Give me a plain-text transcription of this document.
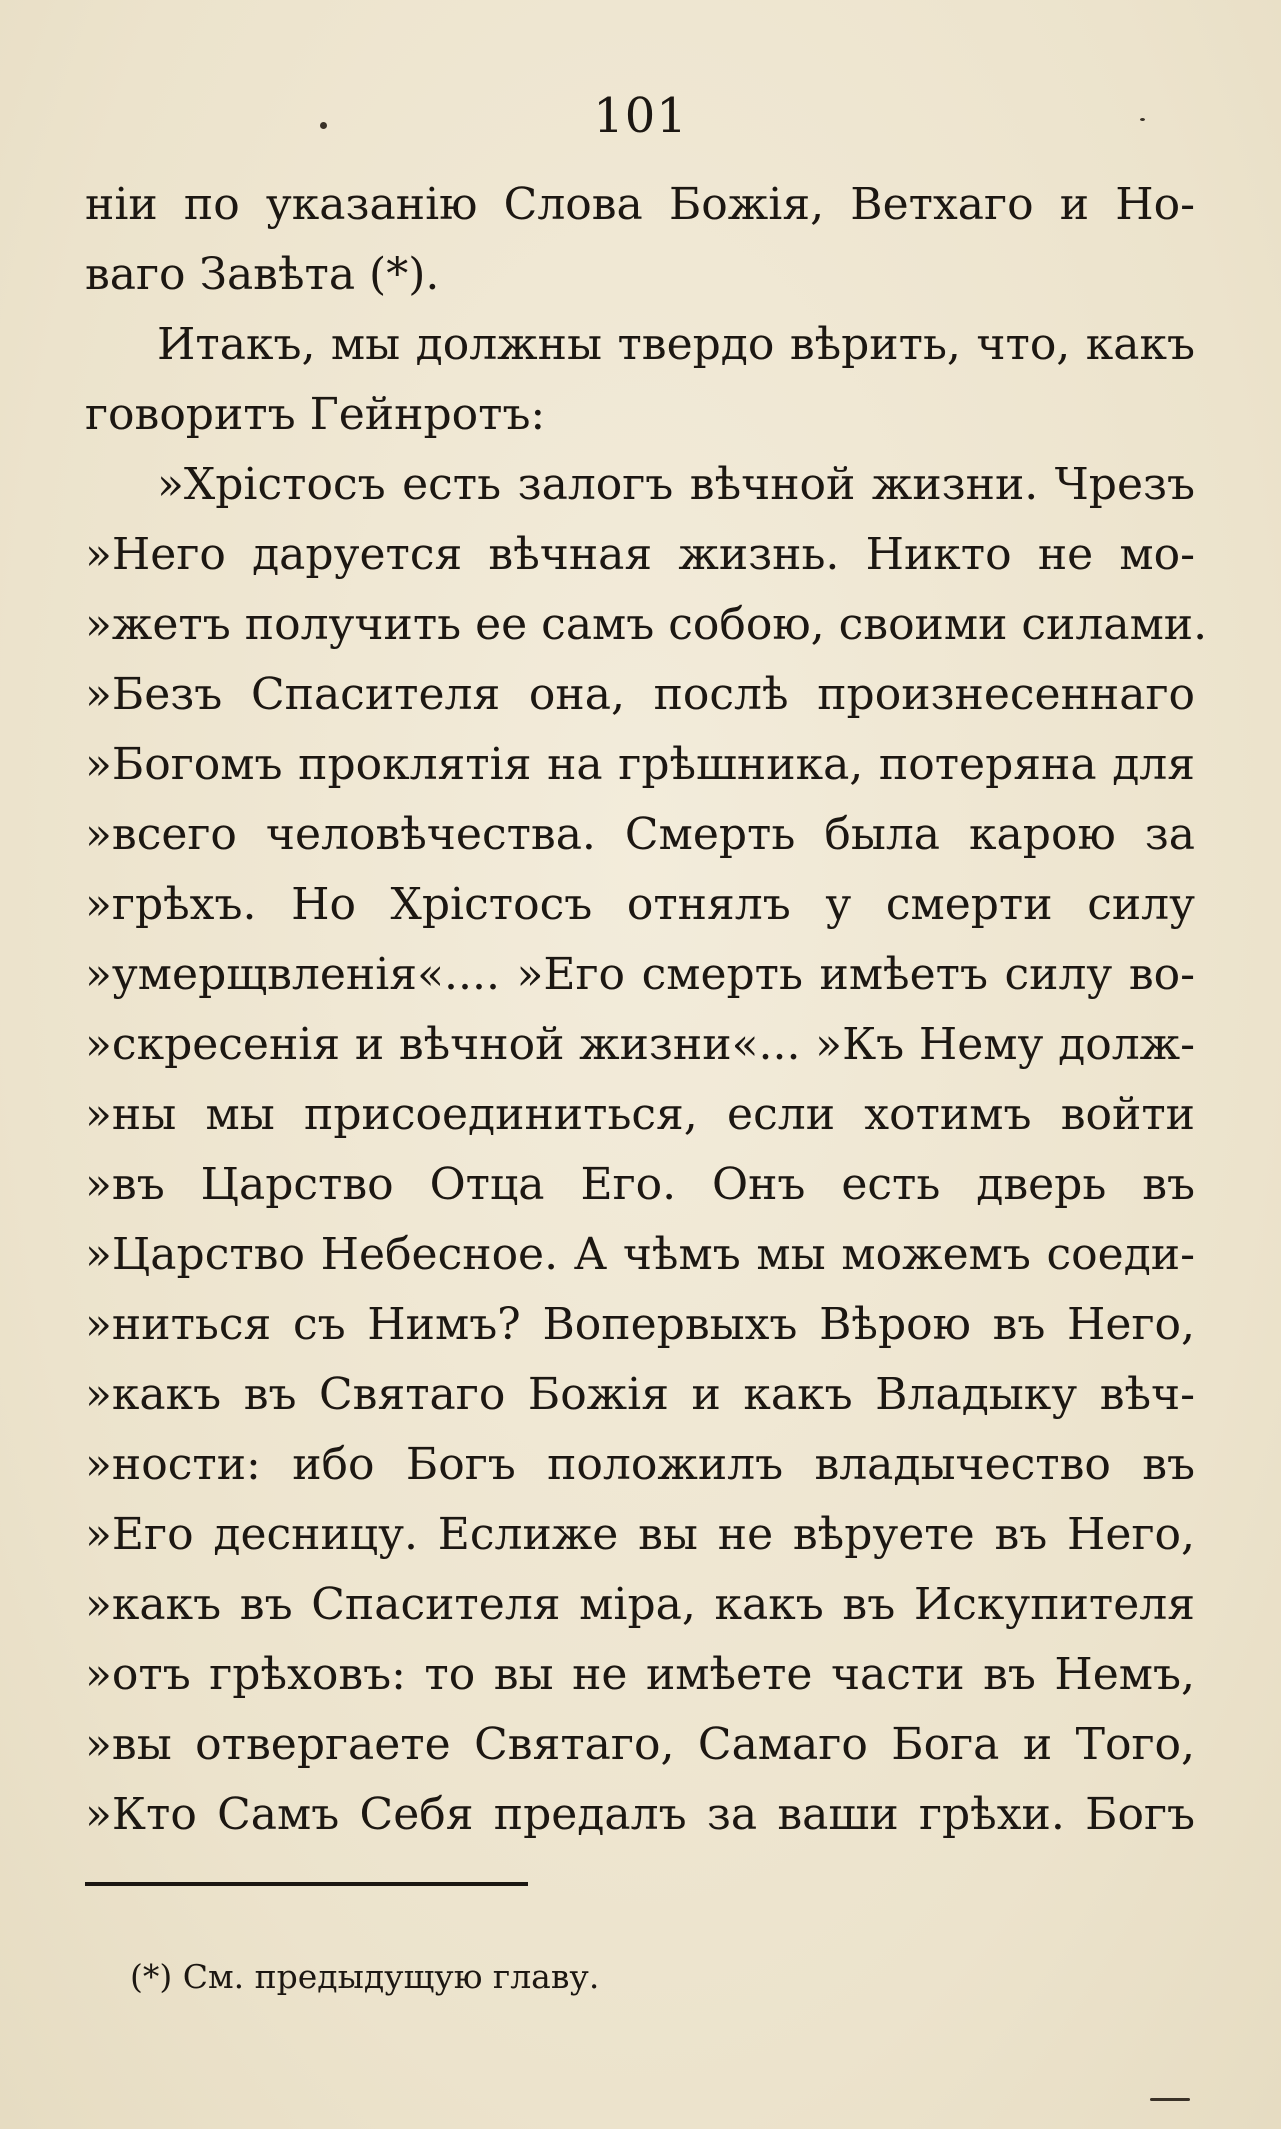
101
ніи по указанію Слова Божія, Ветхаго и Но-
ваго Завѣта (*).
Итакъ, мы должны твердо вѣрить, что, какъ
говоритъ Гейнротъ:
»Хрістосъ есть залогъ вѣчной жизни. Чрезъ
»Него даруется вѣчная жизнь. Никто не мо-
»жетъ получить ее самъ собою, своими силами.
»Безъ Спасителя она, послѣ произнесеннаго
»Богомъ проклятія на грѣшника, потеряна для
»всего человѣчества. Смерть была карою за
»грѣхъ. Но Хрістосъ отнялъ у смерти силу
»умерщвленія«.... »Его смерть имѣетъ силу во-
»скресенія и вѣчной жизни«... »Къ Нему долж-
»ны мы присоединиться, если хотимъ войти
»въ Царство Отца Его. Онъ есть дверь въ
»Царство Небесное. А чѣмъ мы можемъ соеди-
»ниться съ Нимъ? Вопервыхъ Вѣрою въ Него,
»какъ въ Святаго Божія и какъ Владыку вѣч-
»ности: ибо Богъ положилъ владычество въ
»Его десницу. Еслиже вы не вѣруете въ Него,
»какъ въ Спасителя міра, какъ въ Искупителя
»отъ грѣховъ: то вы не имѣете части въ Немъ,
»вы отвергаете Святаго, Самаго Бога и Того,
»Кто Самъ Себя предалъ за ваши грѣхи. Богъ
(*) См. предыдущую главу.
